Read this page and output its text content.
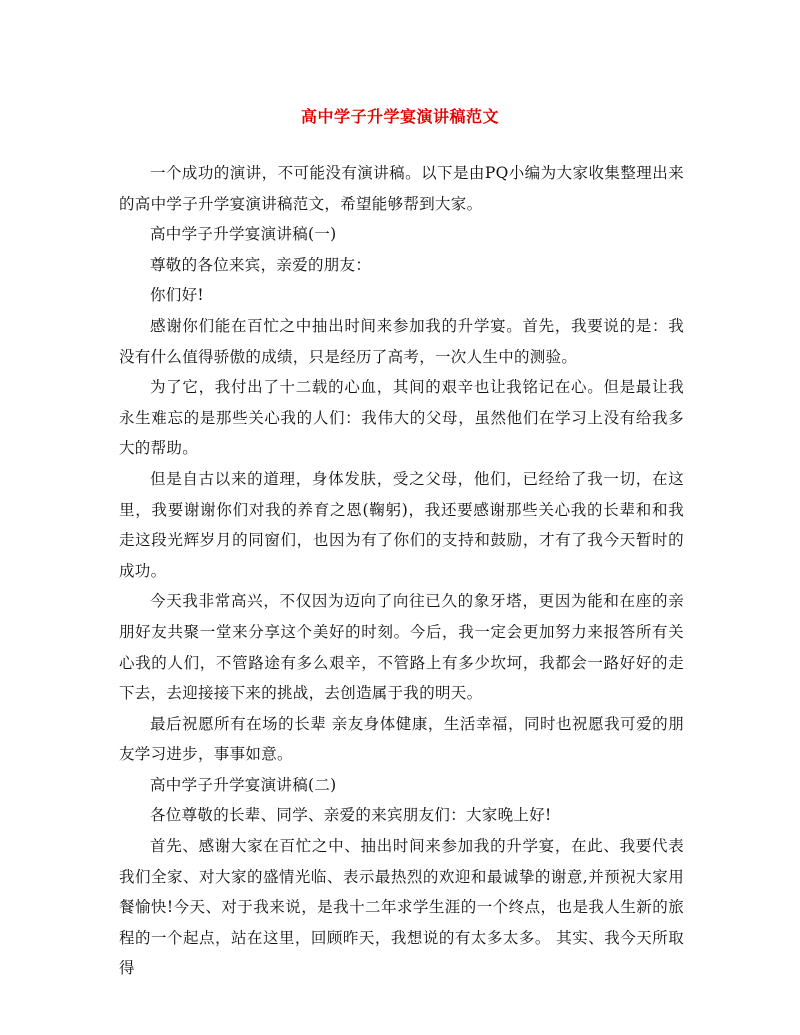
高中学子升学宴演讲稿范文

一个成功的演讲，不可能没有演讲稿。以下是由PQ小编为大家收集整理出来的高中学子升学宴演讲稿范文，希望能够帮到大家。

高中学子升学宴演讲稿(一)

尊敬的各位来宾，亲爱的朋友：

你们好!

感谢你们能在百忙之中抽出时间来参加我的升学宴。首先，我要说的是：我没有什么值得骄傲的成绩，只是经历了高考，一次人生中的测验。

为了它，我付出了十二载的心血，其间的艰辛也让我铭记在心。但是最让我永生难忘的是那些关心我的人们：我伟大的父母，虽然他们在学习上没有给我多大的帮助。

但是自古以来的道理，身体发肤，受之父母，他们，已经给了我一切，在这里，我要谢谢你们对我的养育之恩(鞠躬)，我还要感谢那些关心我的长辈和和我走这段光辉岁月的同窗们，也因为有了你们的支持和鼓励，才有了我今天暂时的成功。

今天我非常高兴，不仅因为迈向了向往已久的象牙塔，更因为能和在座的亲朋好友共聚一堂来分享这个美好的时刻。今后，我一定会更加努力来报答所有关心我的人们，不管路途有多么艰辛，不管路上有多少坎坷，我都会一路好好的走下去，去迎接接下来的挑战，去创造属于我的明天。

最后祝愿所有在场的长辈 亲友身体健康，生活幸福，同时也祝愿我可爱的朋友学习进步，事事如意。

高中学子升学宴演讲稿(二)

各位尊敬的长辈、同学、亲爱的来宾朋友们：大家晚上好!

首先、感谢大家在百忙之中、抽出时间来参加我的升学宴，在此、我要代表我们全家、对大家的盛情光临、表示最热烈的欢迎和最诚挚的谢意,并预祝大家用餐愉快!今天、对于我来说，是我十二年求学生涯的一个终点，也是我人生新的旅程的一个起点，站在这里，回顾昨天，我想说的有太多太多。 其实、我今天所取得
